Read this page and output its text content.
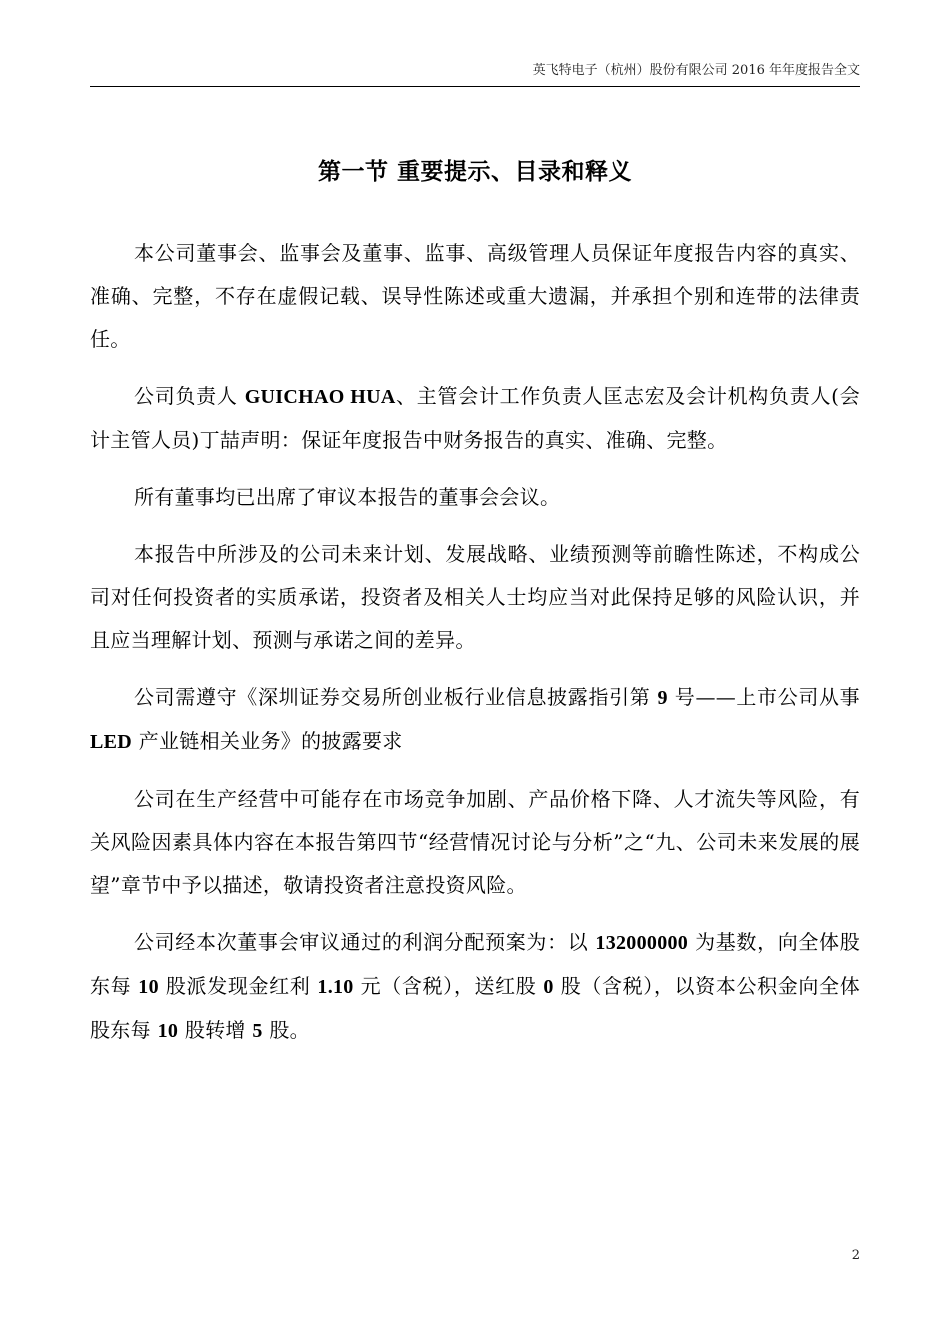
英飞特电子（杭州）股份有限公司 2016 年年度报告全文
第一节 重要提示、目录和释义

本公司董事会、监事会及董事、监事、高级管理人员保证年度报告内容的真实、准确、完整，不存在虚假记载、误导性陈述或重大遗漏，并承担个别和连带的法律责任。

公司负责人 GUICHAO HUA、主管会计工作负责人匡志宏及会计机构负责人(会计主管人员)丁喆声明：保证年度报告中财务报告的真实、准确、完整。

所有董事均已出席了审议本报告的董事会会议。

本报告中所涉及的公司未来计划、发展战略、业绩预测等前瞻性陈述，不构成公司对任何投资者的实质承诺，投资者及相关人士均应当对此保持足够的风险认识，并且应当理解计划、预测与承诺之间的差异。

公司需遵守《深圳证券交易所创业板行业信息披露指引第 9 号——上市公司从事 LED 产业链相关业务》的披露要求

公司在生产经营中可能存在市场竞争加剧、产品价格下降、人才流失等风险，有关风险因素具体内容在本报告第四节“经营情况讨论与分析”之“九、公司未来发展的展望”章节中予以描述，敬请投资者注意投资风险。

公司经本次董事会审议通过的利润分配预案为：以 132000000 为基数，向全体股东每 10 股派发现金红利 1.10 元（含税），送红股 0 股（含税），以资本公积金向全体股东每 10 股转增 5 股。

2
